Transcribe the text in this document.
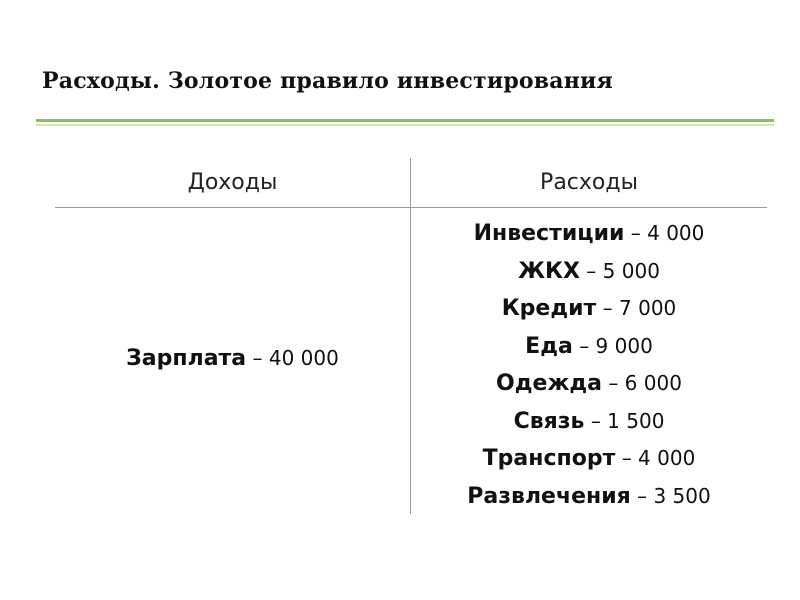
Расходы. Золотое правило инвестирования
Доходы	Расходы
Зарплата – 40 000
Инвестиции – 4 000
ЖКХ – 5 000
Кредит – 7 000
Еда – 9 000
Одежда – 6 000
Связь – 1 500
Транспорт – 4 000
Развлечения – 3 500
